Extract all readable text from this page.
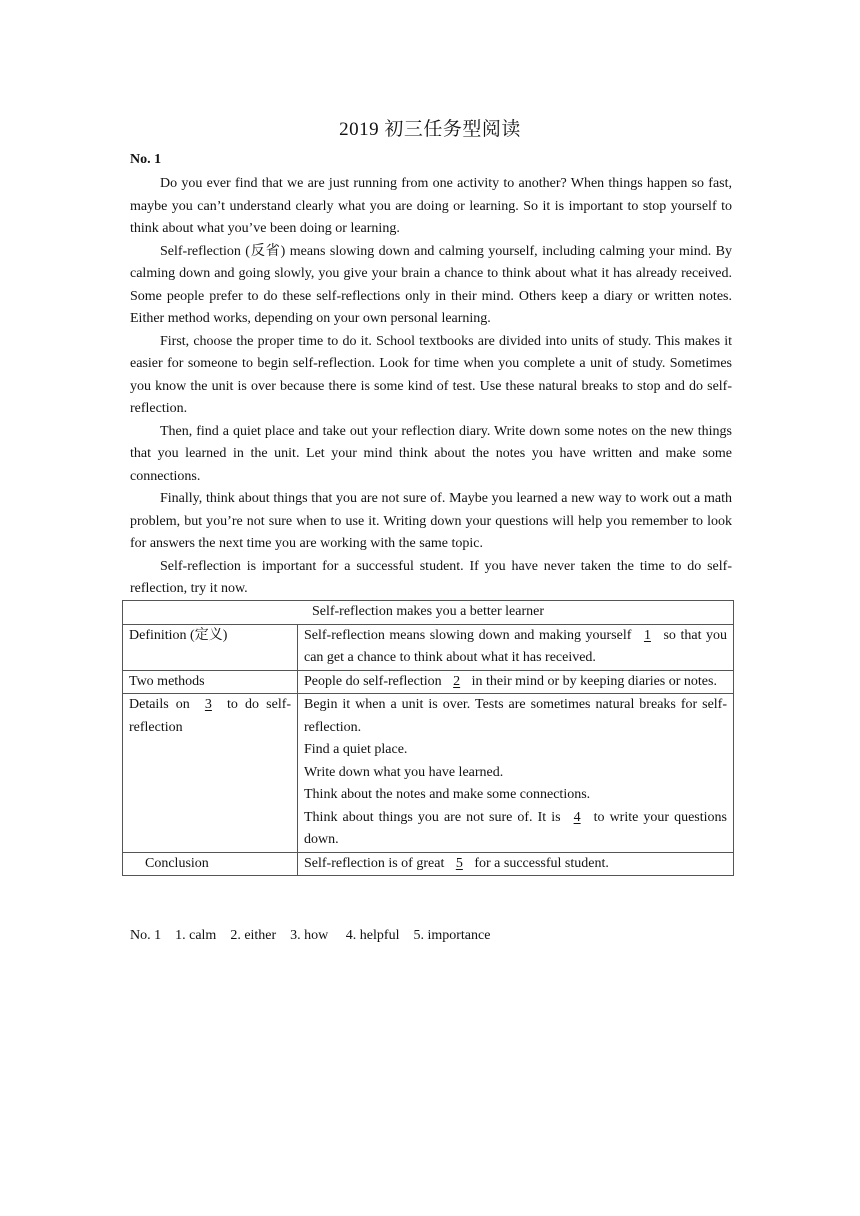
2019 初三任务型阅读
No. 1

Do you ever find that we are just running from one activity to another? When things happen so fast, maybe you can’t understand clearly what you are doing or learning. So it is important to stop yourself to think about what you’ve been doing or learning.

Self-reflection (反省) means slowing down and calming yourself, including calming your mind. By calming down and going slowly, you give your brain a chance to think about what it has already received. Some people prefer to do these self-reflections only in their mind. Others keep a diary or written notes. Either method works, depending on your own personal learning.

First, choose the proper time to do it. School textbooks are divided into units of study. This makes it easier for someone to begin self-reflection. Look for time when you complete a unit of study. Sometimes you know the unit is over because there is some kind of test. Use these natural breaks to stop and do self-reflection.

Then, find a quiet place and take out your reflection diary. Write down some notes on the new things that you learned in the unit. Let your mind think about the notes you have written and make some connections.

Finally, think about things that you are not sure of. Maybe you learned a new way to work out a math problem, but you’re not sure when to use it. Writing down your questions will help you remember to look for answers the next time you are working with the same topic.

Self-reflection is important for a successful student. If you have never taken the time to do self-reflection, try it now.

Self-reflection makes you a better learner	
Definition (定义)	Self-reflection means slowing down and making yourself 1 so that you can get a chance to think about what it has received.

Two methods	People do self-reflection 2 in their mind or by keeping diaries or notes.

Details on 3 to do self-reflection	Begin it when a unit is over. Tests are sometimes natural breaks for self-reflection.
Find a quiet place.
Write down what you have learned.
Think about the notes and make some connections.
Think about things you are not sure of. It is 4 to write your questions down.

Conclusion	Self-reflection is of great 5 for a successful student.
No. 1    1. calm    2. either    3. how     4. helpful    5. importance
